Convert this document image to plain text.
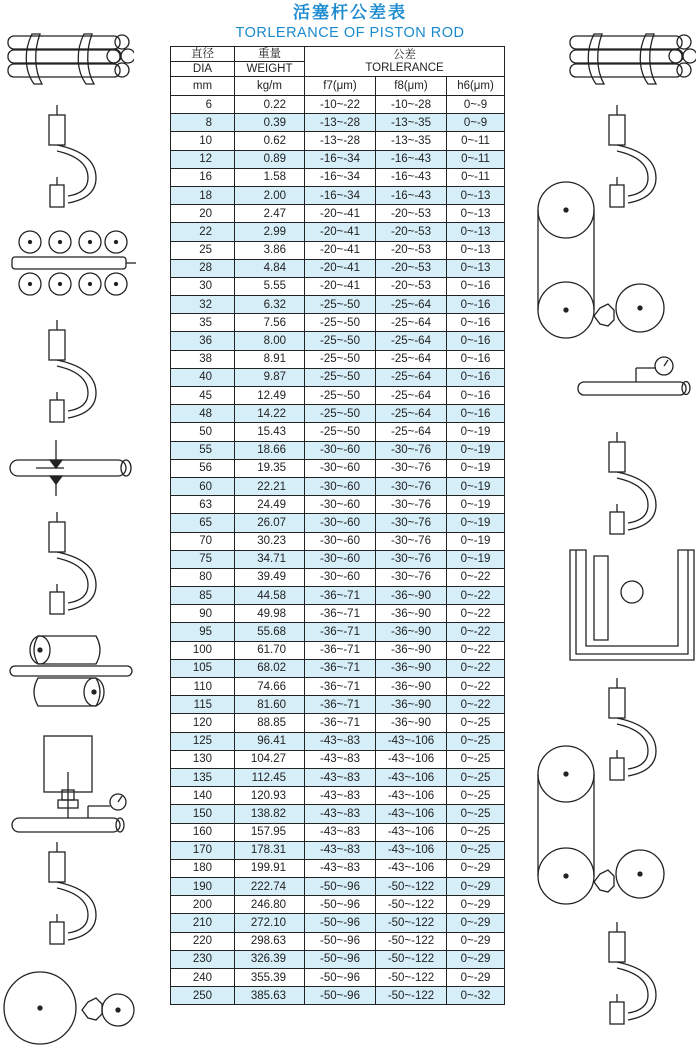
活塞杆公差表
TORLERANCE OF PISTON ROD
直径	重量	公差
TORLERANCE		

DIA	WEIGHT			
mm	kg/m	f7(μm)	f8(μm)	h6(μm)
6	0.22	-10~-22	-10~-28	0~-9
8	0.39	-13~-28	-13~-35	0~-9
10	0.62	-13~-28	-13~-35	0~-11
12	0.89	-16~-34	-16~-43	0~-11
16	1.58	-16~-34	-16~-43	0~-11
18	2.00	-16~-34	-16~-43	0~-13
20	2.47	-20~-41	-20~-53	0~-13
22	2.99	-20~-41	-20~-53	0~-13
25	3.86	-20~-41	-20~-53	0~-13
28	4.84	-20~-41	-20~-53	0~-13
30	5.55	-20~-41	-20~-53	0~-16
32	6.32	-25~-50	-25~-64	0~-16
35	7.56	-25~-50	-25~-64	0~-16
36	8.00	-25~-50	-25~-64	0~-16
38	8.91	-25~-50	-25~-64	0~-16
40	9.87	-25~-50	-25~-64	0~-16
45	12.49	-25~-50	-25~-64	0~-16
48	14.22	-25~-50	-25~-64	0~-16
50	15.43	-25~-50	-25~-64	0~-19
55	18.66	-30~-60	-30~-76	0~-19
56	19.35	-30~-60	-30~-76	0~-19
60	22.21	-30~-60	-30~-76	0~-19
63	24.49	-30~-60	-30~-76	0~-19
65	26.07	-30~-60	-30~-76	0~-19
70	30.23	-30~-60	-30~-76	0~-19
75	34.71	-30~-60	-30~-76	0~-19
80	39.49	-30~-60	-30~-76	0~-22
85	44.58	-36~-71	-36~-90	0~-22
90	49.98	-36~-71	-36~-90	0~-22
95	55.68	-36~-71	-36~-90	0~-22
100	61.70	-36~-71	-36~-90	0~-22
105	68.02	-36~-71	-36~-90	0~-22
110	74.66	-36~-71	-36~-90	0~-22
115	81.60	-36~-71	-36~-90	0~-22
120	88.85	-36~-71	-36~-90	0~-25
125	96.41	-43~-83	-43~-106	0~-25
130	104.27	-43~-83	-43~-106	0~-25
135	112.45	-43~-83	-43~-106	0~-25
140	120.93	-43~-83	-43~-106	0~-25
150	138.82	-43~-83	-43~-106	0~-25
160	157.95	-43~-83	-43~-106	0~-25
170	178.31	-43~-83	-43~-106	0~-25
180	199.91	-43~-83	-43~-106	0~-29
190	222.74	-50~-96	-50~-122	0~-29
200	246.80	-50~-96	-50~-122	0~-29
210	272.10	-50~-96	-50~-122	0~-29
220	298.63	-50~-96	-50~-122	0~-29
230	326.39	-50~-96	-50~-122	0~-29
240	355.39	-50~-96	-50~-122	0~-29
250	385.63	-50~-96	-50~-122	0~-32
